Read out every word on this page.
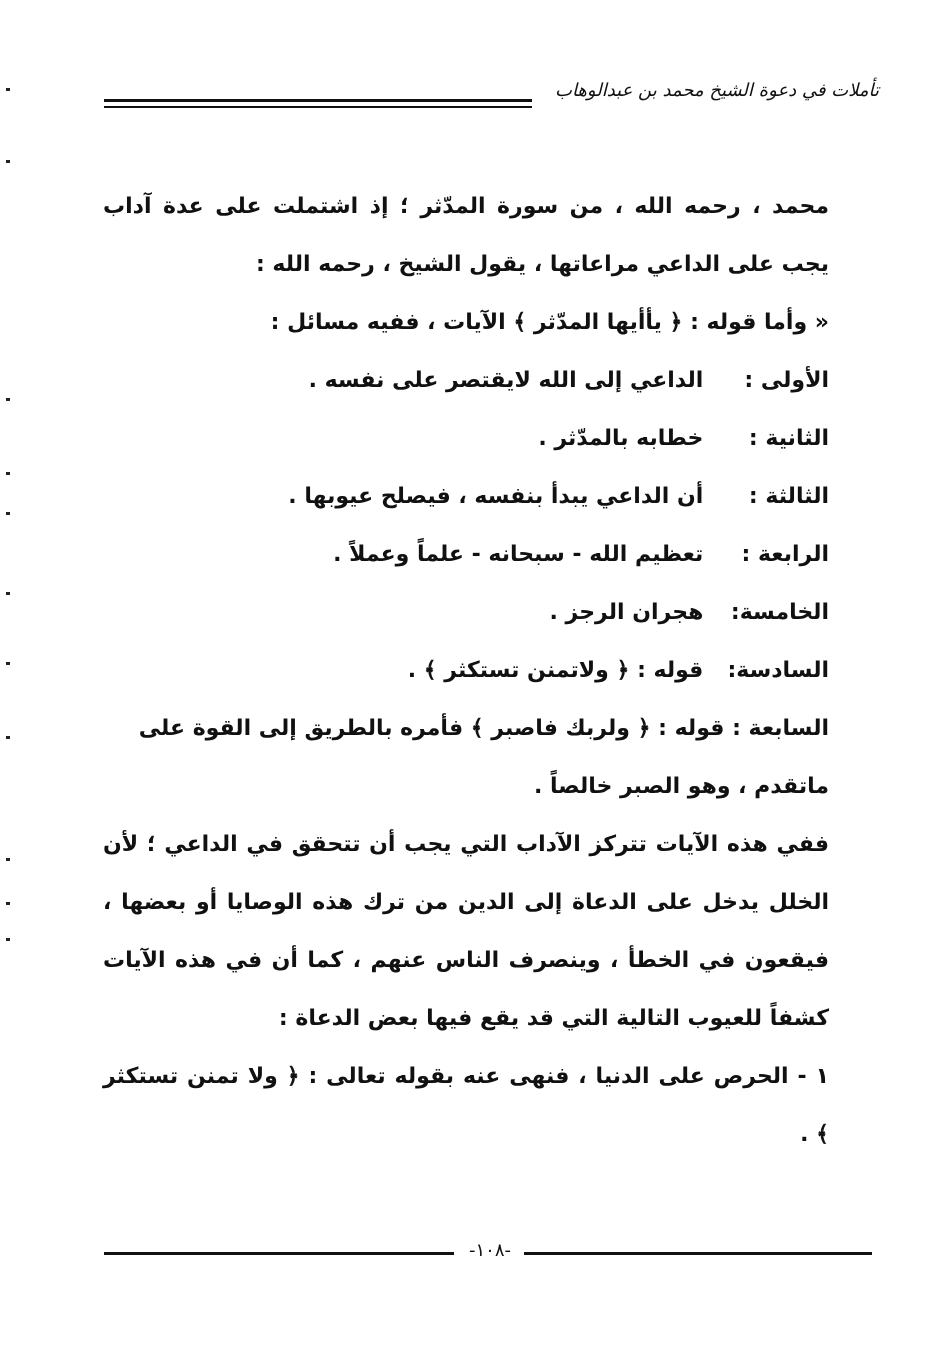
تأملات في دعوة الشيخ محمد بن عبدالوهاب

محمد ، رحمه الله ، من سورة المدّثر ؛ إذ اشتملت على عدة آداب يجب على الداعي مراعاتها ، يقول الشيخ ، رحمه الله :

« وأما قوله : ﴿ يأأيها المدّثر ﴾ الآيات ، ففيه مسائل :

الأولى : الداعي إلى الله لايقتصر على نفسه .

الثانية : خطابه بالمدّثر .

الثالثة : أن الداعي يبدأ بنفسه ، فيصلح عيوبها .

الرابعة : تعظيم الله - سبحانه - علماً وعملاً .

الخامسة: هجران الرجز .

السادسة: قوله : ﴿ ولاتمنن تستكثر ﴾ .

السابعة : قوله : ﴿ ولربك فاصبر ﴾ فأمره بالطريق إلى القوة على ماتقدم ، وهو الصبر خالصاً .

ففي هذه الآيات تتركز الآداب التي يجب أن تتحقق في الداعي ؛ لأن الخلل يدخل على الدعاة إلى الدين من ترك هذه الوصايا أو بعضها ، فيقعون في الخطأ ، وينصرف الناس عنهم ، كما أن في هذه الآيات كشفاً للعيوب التالية التي قد يقع فيها بعض الدعاة :

١ - الحرص على الدنيا ، فنهى عنه بقوله تعالى : ﴿ ولا تمنن تستكثر ﴾ .

-١٠٨-
